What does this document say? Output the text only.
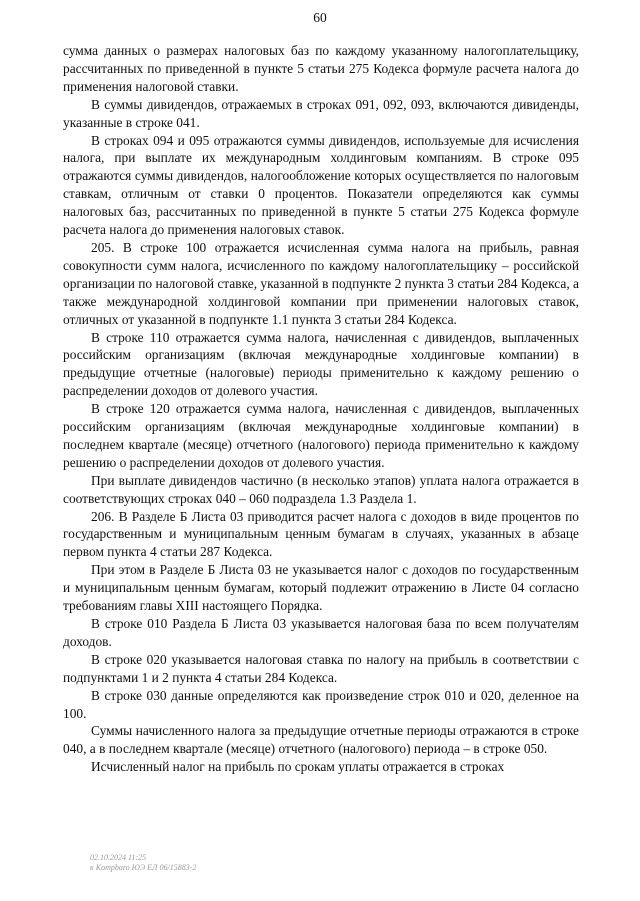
60

сумма данных о размерах налоговых баз по каждому указанному налогоплательщику, рассчитанных по приведенной в пункте 5 статьи 275 Кодекса формуле расчета налога до применения налоговой ставки.

В суммы дивидендов, отражаемых в строках 091, 092, 093, включаются дивиденды, указанные в строке 041.

В строках 094 и 095 отражаются суммы дивидендов, используемые для исчисления налога, при выплате их международным холдинговым компаниям. В строке 095 отражаются суммы дивидендов, налогообложение которых осуществляется по налоговым ставкам, отличным от ставки 0 процентов. Показатели определяются как суммы налоговых баз, рассчитанных по приведенной в пункте 5 статьи 275 Кодекса формуле расчета налога до применения налоговых ставок.

205. В строке 100 отражается исчисленная сумма налога на прибыль, равная совокупности сумм налога, исчисленного по каждому налогоплательщику – российской организации по налоговой ставке, указанной в подпункте 2 пункта 3 статьи 284 Кодекса, а также международной холдинговой компании при применении налоговых ставок, отличных от указанной в подпункте 1.1 пункта 3 статьи 284 Кодекса.

В строке 110 отражается сумма налога, начисленная с дивидендов, выплаченных российским организациям (включая международные холдинговые компании) в предыдущие отчетные (налоговые) периоды применительно к каждому решению о распределении доходов от долевого участия.

В строке 120 отражается сумма налога, начисленная с дивидендов, выплаченных российским организациям (включая международные холдинговые компании) в последнем квартале (месяце) отчетного (налогового) периода применительно к каждому решению о распределении доходов от долевого участия.

При выплате дивидендов частично (в несколько этапов) уплата налога отражается в соответствующих строках 040 – 060 подраздела 1.3 Раздела 1.

206. В Разделе Б Листа 03 приводится расчет налога с доходов в виде процентов по государственным и муниципальным ценным бумагам в случаях, указанных в абзаце первом пункта 4 статьи 287 Кодекса.

При этом в Разделе Б Листа 03 не указывается налог с доходов по государственным и муниципальным ценным бумагам, который подлежит отражению в Листе 04 согласно требованиям главы XIII настоящего Порядка.

В строке 010 Раздела Б Листа 03 указывается налоговая база по всем получателям доходов.

В строке 020 указывается налоговая ставка по налогу на прибыль в соответствии с подпунктами 1 и 2 пункта 4 статьи 284 Кодекса.

В строке 030 данные определяются как произведение строк 010 и 020, деленное на 100.

Суммы начисленного налога за предыдущие отчетные периоды отражаются в строке 040, а в последнем квартале (месяце) отчетного (налогового) периода – в строке 050.

Исчисленный налог на прибыль по срокам уплаты отражается в строках

02.10.2024 11:25
к Kompbaro ЮЭ ЕЛ 06/15883-2
